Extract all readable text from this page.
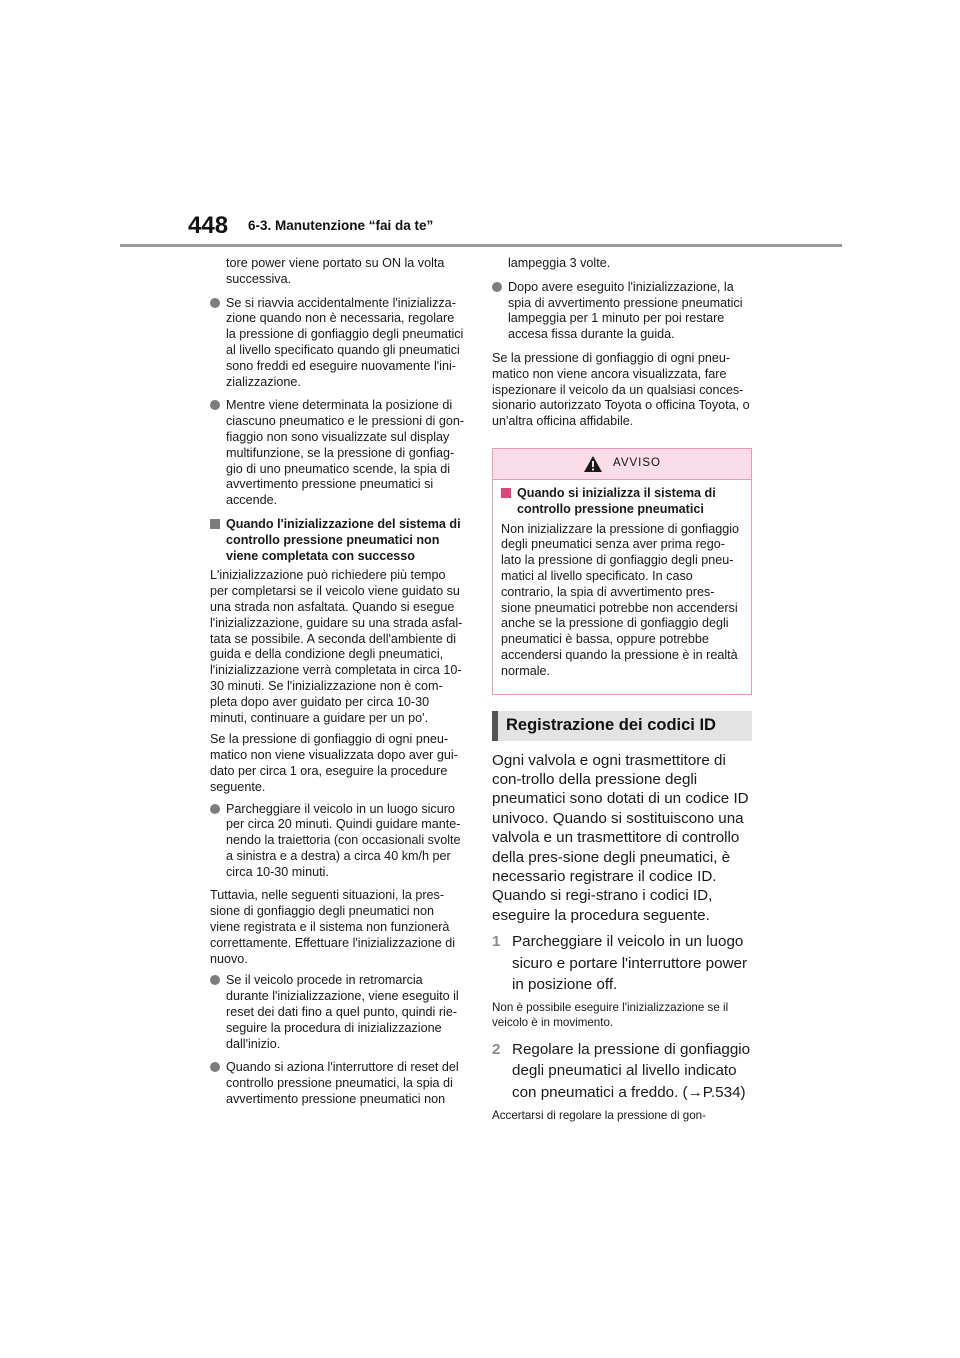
448 6-3. Manutenzione “fai da te”

tore power viene portato su ON la volta successiva.

Se si riavvia accidentalmente l'inizializza-zione quando non è necessaria, regolare la pressione di gonfiaggio degli pneumatici al livello specificato quando gli pneumatici sono freddi ed eseguire nuovamente l'ini-zializzazione.
Mentre viene determinata la posizione di ciascuno pneumatico e le pressioni di gon-fiaggio non sono visualizzate sul display multifunzione, se la pressione di gonfiag-gio di uno pneumatico scende, la spia di avvertimento pressione pneumatici si accende.
Quando l'inizializzazione del sistema di controllo pressione pneumatici non viene completata con successo

L'inizializzazione può richiedere più tempo per completarsi se il veicolo viene guidato su una strada non asfaltata. Quando si esegue l'inizializzazione, guidare su una strada asfal-tata se possibile. A seconda dell'ambiente di guida e della condizione degli pneumatici, l'inizializzazione verrà completata in circa 10-30 minuti. Se l'inizializzazione non è com-pleta dopo aver guidato per circa 10-30 minuti, continuare a guidare per un po'.

Se la pressione di gonfiaggio di ogni pneu-matico non viene visualizzata dopo aver gui-dato per circa 1 ora, eseguire la procedure seguente.

Parcheggiare il veicolo in un luogo sicuro per circa 20 minuti. Quindi guidare mante-nendo la traiettoria (con occasionali svolte a sinistra e a destra) a circa 40 km/h per circa 10-30 minuti.

Tuttavia, nelle seguenti situazioni, la pres-sione di gonfiaggio degli pneumatici non viene registrata e il sistema non funzionerà correttamente. Effettuare l'inizializzazione di nuovo.

Se il veicolo procede in retromarcia durante l'inizializzazione, viene eseguito il reset dei dati fino a quel punto, quindi rie-seguire la procedura di inizializzazione dall'inizio.
Quando si aziona l'interruttore di reset del controllo pressione pneumatici, la spia di avvertimento pressione pneumatici non

lampeggia 3 volte.

Dopo avere eseguito l'inizializzazione, la spia di avvertimento pressione pneumatici lampeggia per 1 minuto per poi restare accesa fissa durante la guida.

Se la pressione di gonfiaggio di ogni pneu-matico non viene ancora visualizzata, fare ispezionare il veicolo da un qualsiasi conces-sionario autorizzato Toyota o officina Toyota, o un'altra officina affidabile.

AVVISO
Quando si inizializza il sistema di controllo pressione pneumatici

Non inizializzare la pressione di gonfiaggio degli pneumatici senza aver prima rego-lato la pressione di gonfiaggio degli pneu-matici al livello specificato. In caso contrario, la spia di avvertimento pres-sione pneumatici potrebbe non accendersi anche se la pressione di gonfiaggio degli pneumatici è bassa, oppure potrebbe accendersi quando la pressione è in realtà normale.

Registrazione dei codici ID

Ogni valvola e ogni trasmettitore di con-trollo della pressione degli pneumatici sono dotati di un codice ID univoco. Quando si sostituiscono una valvola e un trasmettitore di controllo della pres-sione degli pneumatici, è necessario registrare il codice ID. Quando si regi-strano i codici ID, eseguire la procedura seguente.

1 Parcheggiare il veicolo in un luogo sicuro e portare l'interruttore power in posizione off.

Non è possibile eseguire l'inizializzazione se il veicolo è in movimento.

2 Regolare la pressione di gonfiaggio degli pneumatici al livello indicato con pneumatici a freddo. (→P.534)

Accertarsi di regolare la pressione di gon-
